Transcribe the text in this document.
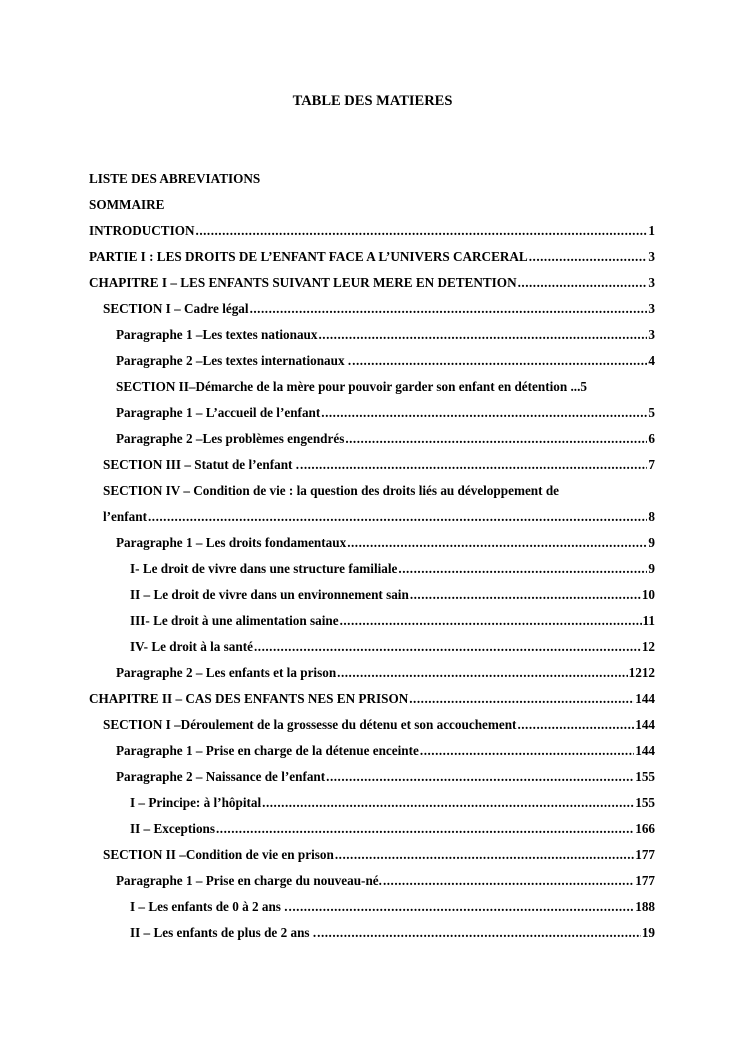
TABLE DES MATIERES
LISTE DES ABREVIATIONS
SOMMAIRE
INTRODUCTION .....	1
PARTIE I : LES DROITS DE L’ENFANT FACE A L’UNIVERS CARCERAL .....	3
CHAPITRE I – LES ENFANTS SUIVANT LEUR MERE EN DETENTION .....	3
SECTION I – Cadre légal .....	3
Paragraphe 1 –Les textes nationaux .....	3
Paragraphe 2 –Les textes internationaux . .....	4
SECTION II–Démarche de la mère pour pouvoir garder son enfant en détention ...5
Paragraphe 1 – L’accueil de l’enfant .....	5
Paragraphe 2 –Les problèmes engendrés .....	6
SECTION III – Statut de l’enfant . .....	7
SECTION IV – Condition de vie : la question des droits liés au développement de
l’enfant .....	8
Paragraphe 1 – Les droits fondamentaux .....	9
I- Le droit de vivre dans une structure familiale .....	9
II – Le droit de vivre dans un environnement sain .....	10
III- Le droit à une alimentation saine .....	11
IV- Le droit à la santé .....	12
Paragraphe 2 – Les enfants et la prison .....	1212
CHAPITRE II – CAS DES ENFANTS NES EN PRISON .....	144
SECTION I –Déroulement de la grossesse du détenu et son accouchement .....	144
Paragraphe 1 – Prise en charge de la détenue enceinte .....	144
Paragraphe 2 – Naissance de l’enfant .....	155
I – Principe: à l’hôpital .....	155
II – Exceptions .....	166
SECTION II –Condition de vie en prison .....	177
Paragraphe 1 – Prise en charge du nouveau-né. .....	177
I – Les enfants de 0 à 2 ans . .....	188
II – Les enfants de plus de 2 ans . .....	19
